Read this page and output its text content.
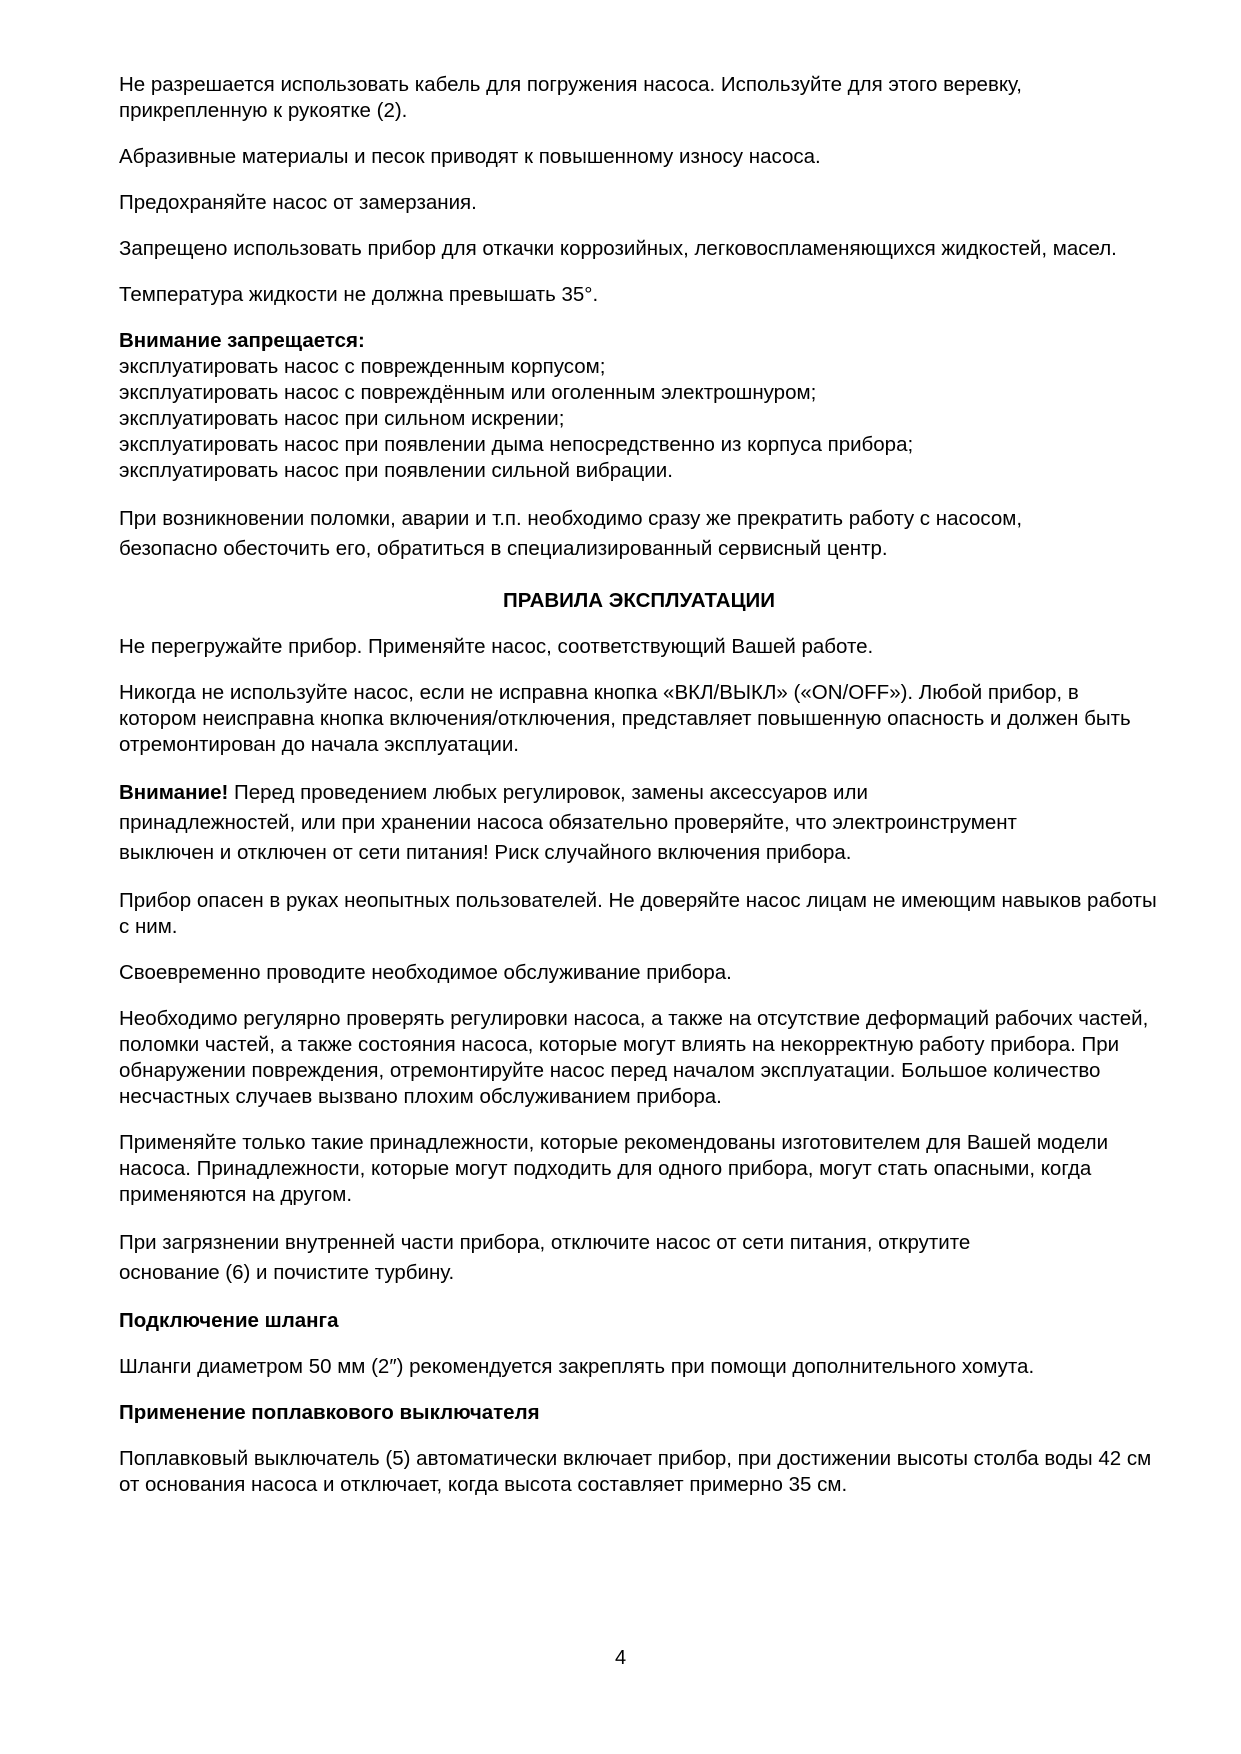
Не разрешается использовать кабель для погружения насоса. Используйте для этого веревку, прикрепленную к рукоятке (2).

Абразивные материалы и песок приводят к повышенному износу насоса.

Предохраняйте насос от замерзания.

Запрещено использовать прибор для откачки коррозийных, легковоспламеняющихся жидкостей, масел.

Температура жидкости не должна превышать 35°.

Внимание запрещается:
эксплуатировать насос с поврежденным корпусом;
эксплуатировать насос с повреждённым или оголенным электрошнуром;
эксплуатировать насос при сильном искрении;
эксплуатировать насос при появлении дыма непосредственно из корпуса прибора;
эксплуатировать насос при появлении сильной вибрации.
При возникновении поломки, аварии и т.п. необходимо сразу же прекратить работу с насосом,
безопасно обесточить его, обратиться в специализированный сервисный центр.

ПРАВИЛА ЭКСПЛУАТАЦИИ

Не перегружайте прибор. Применяйте насос, соответствующий Вашей работе.

Никогда не используйте насос, если не исправна кнопка «ВКЛ/ВЫКЛ» («ON/OFF»). Любой прибор, в котором неисправна кнопка включения/отключения, представляет повышенную опасность и должен быть отремонтирован до начала эксплуатации.

Внимание! Перед проведением любых регулировок, замены аксессуаров или
принадлежностей, или при хранении насоса обязательно проверяйте, что электроинструмент
выключен и отключен от сети питания! Риск случайного включения прибора.

Прибор опасен в руках неопытных пользователей. Не доверяйте насос лицам не имеющим навыков работы с ним.

Своевременно проводите необходимое обслуживание прибора.

Необходимо регулярно проверять регулировки насоса, а также на отсутствие деформаций рабочих частей, поломки частей, а также состояния насоса, которые могут влиять на некорректную работу прибора. При обнаружении повреждения, отремонтируйте насос перед началом эксплуатации. Большое количество несчастных случаев вызвано плохим обслуживанием прибора.

Применяйте только такие принадлежности, которые рекомендованы изготовителем для Вашей модели насоса. Принадлежности, которые могут подходить для одного прибора, могут стать опасными, когда применяются на другом.

При загрязнении внутренней части прибора, отключите насос от сети питания, открутите
основание (6) и почистите турбину.

Подключение шланга

Шланги диаметром 50 мм (2″) рекомендуется закреплять при помощи дополнительного хомута.

Применение поплавкового выключателя

Поплавковый выключатель (5) автоматически включает прибор, при достижении высоты столба воды 42 см от основания насоса и отключает, когда высота составляет примерно 35 см.

4
